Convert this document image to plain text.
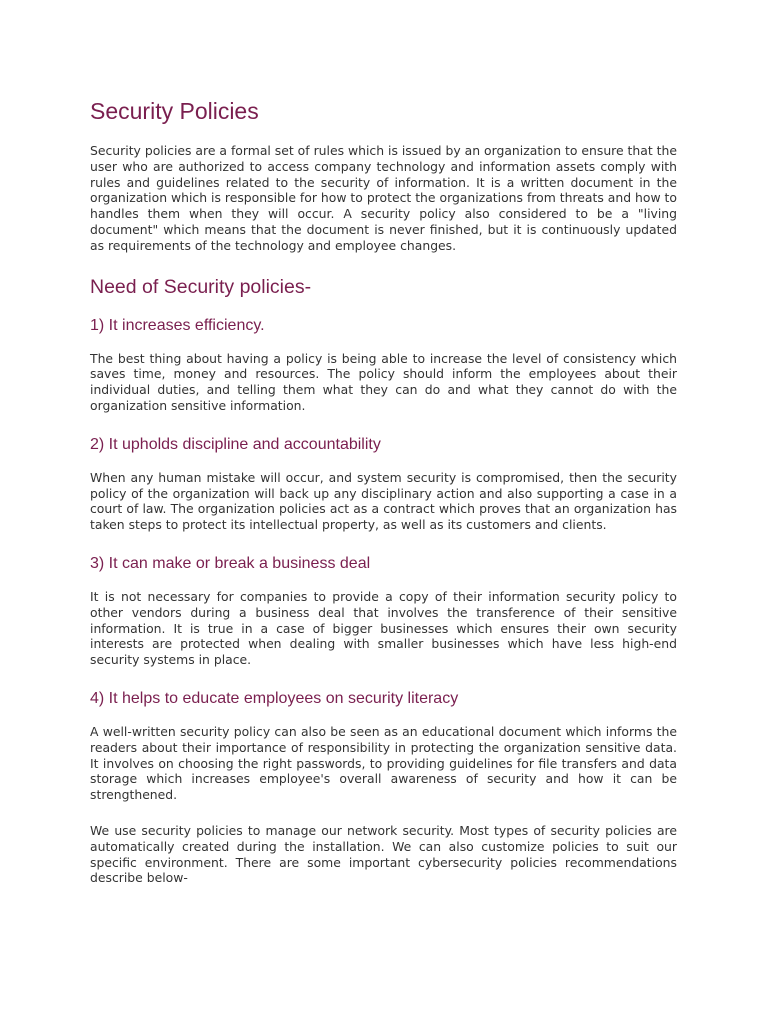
Security Policies

Security policies are a formal set of rules which is issued by an organization to ensure that the user who are authorized to access company technology and information assets comply with rules and guidelines related to the security of information. It is a written document in the organization which is responsible for how to protect the organizations from threats and how to handles them when they will occur. A security policy also considered to be a "living document" which means that the document is never finished, but it is continuously updated as requirements of the technology and employee changes.

Need of Security policies-
1) It increases efficiency.

The best thing about having a policy is being able to increase the level of consistency which saves time, money and resources. The policy should inform the employees about their individual duties, and telling them what they can do and what they cannot do with the organization sensitive information.

2) It upholds discipline and accountability

When any human mistake will occur, and system security is compromised, then the security policy of the organization will back up any disciplinary action and also supporting a case in a court of law. The organization policies act as a contract which proves that an organization has taken steps to protect its intellectual property, as well as its customers and clients.

3) It can make or break a business deal

It is not necessary for companies to provide a copy of their information security policy to other vendors during a business deal that involves the transference of their sensitive information. It is true in a case of bigger businesses which ensures their own security interests are protected when dealing with smaller businesses which have less high-end security systems in place.

4) It helps to educate employees on security literacy

A well-written security policy can also be seen as an educational document which informs the readers about their importance of responsibility in protecting the organization sensitive data. It involves on choosing the right passwords, to providing guidelines for file transfers and data storage which increases employee's overall awareness of security and how it can be strengthened.

We use security policies to manage our network security. Most types of security policies are automatically created during the installation. We can also customize policies to suit our specific environment. There are some important cybersecurity policies recommendations describe below-
